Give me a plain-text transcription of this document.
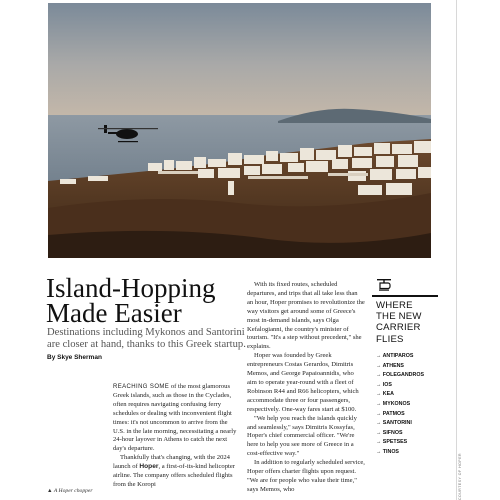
COURTESY OF HOPER
Island-Hopping
Made Easier
Destinations including Mykonos and Santorini are closer at hand, thanks to this Greek startup. By Skye Sherman

REACHING SOME of the most glamorous Greek islands, such as those in the Cyclades, often requires navigating confusing ferry schedules or dealing with inconvenient flight times: it's not uncommon to arrive from the U.S. in the late morning, necessitating a nearly 24-hour layover in Athens to catch the next day's departure.

Thankfully that's changing, with the 2024 launch of Hoper, a first-of-its-kind helicopter airline. The company offers scheduled flights from the Koropi

▲ A Hoper chopper

With its fixed routes, scheduled departures, and trips that all take less than an hour, Hoper promises to revolutionize the way visitors get around some of Greece's most in-demand islands, says Olga Kefalogianni, the country's minister of tourism. "It's a step without precedent," she explains.

Hoper was founded by Greek entrepreneurs Costas Gerardos, Dimitris Memos, and George Papaioannidis, who aim to operate year-round with a fleet of Robinson R44 and R66 helicopters, which accommodate three or four passengers, respectively. One-way fares start at $100.

"We help you reach the islands quickly and seamlessly," says Dimitris Kossyfas, Hoper's chief commercial officer. "We're here to help you see more of Greece in a cost-effective way."

In addition to regularly scheduled service, Hoper offers charter flights upon request. "We are for people who value their time," says Memos, who

WHERE
THE NEW
CARRIER
FLIES
→ ANTIPAROS
→ ATHENS
→ FOLEGANDROS
→ IOS
→ KEA
→ MYKONOS
→ PATMOS
→ SANTORINI
→ SIFNOS
→ SPETSES
→ TINOS
